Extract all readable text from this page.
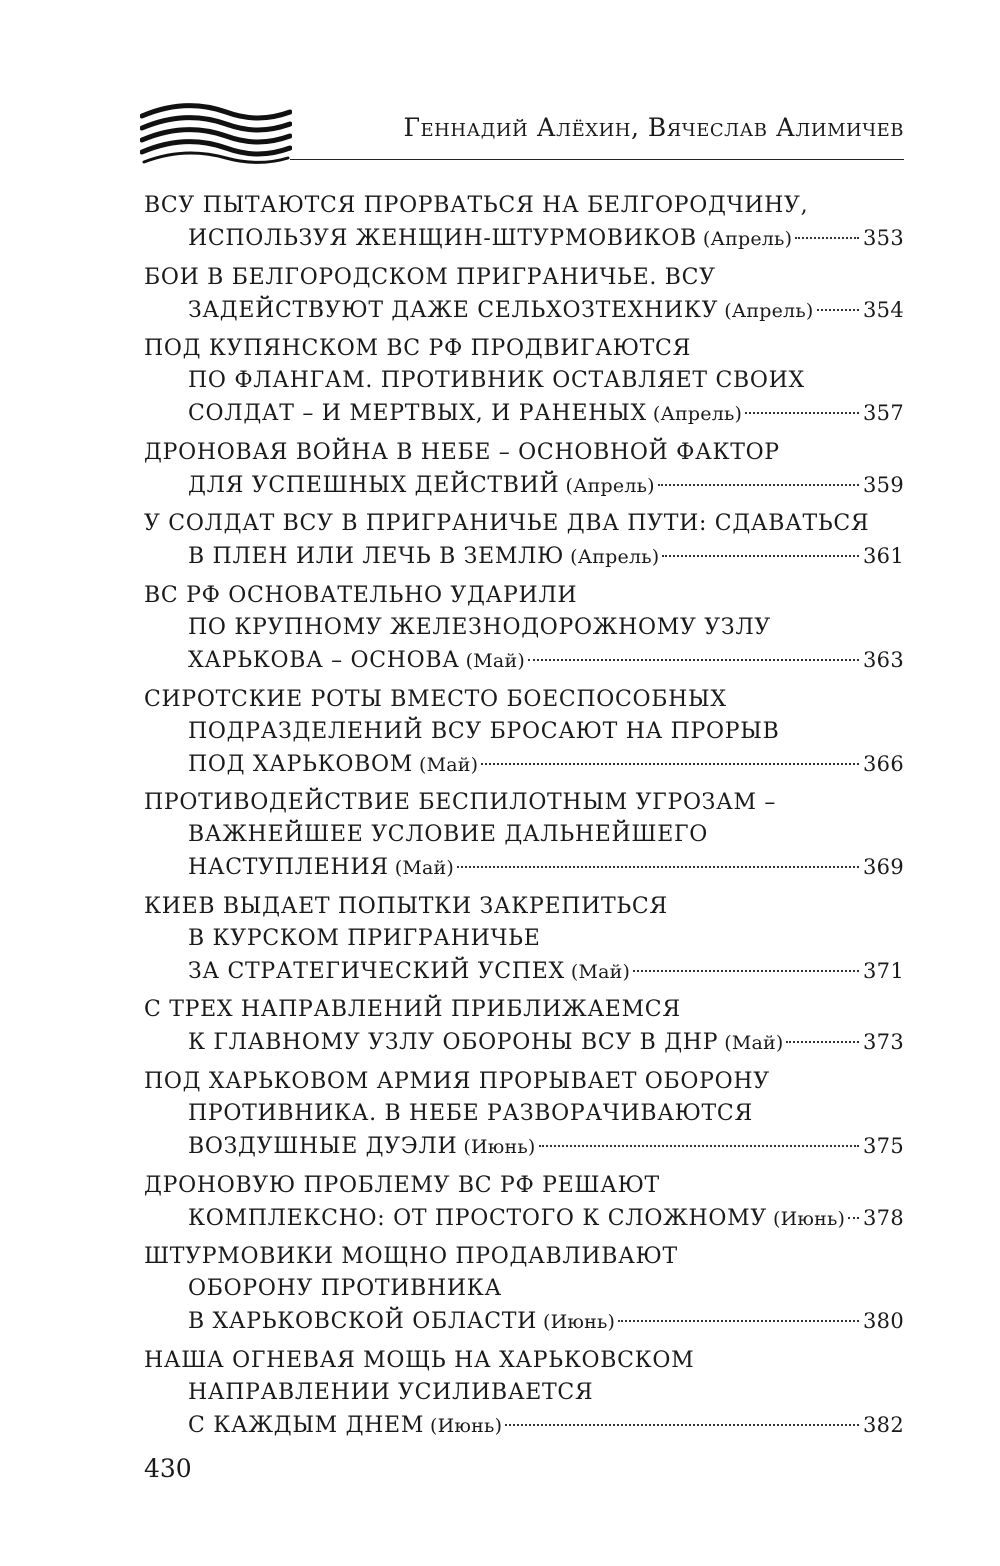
Геннадий Алёхин, Вячеслав Алимичев
ВСУ ПЫТАЮТСЯ ПРОРВАТЬСЯ НА БЕЛГОРОДЧИНУ,
ИСПОЛЬЗУЯ ЖЕНЩИН-ШТУРМОВИКОВ (Апрель)	353
БОИ В БЕЛГОРОДСКОМ ПРИГРАНИЧЬЕ. ВСУ
ЗАДЕЙСТВУЮТ ДАЖЕ СЕЛЬХОЗТЕХНИКУ (Апрель) 354
ПОД КУПЯНСКОМ ВС РФ ПРОДВИГАЮТСЯ
ПО ФЛАНГАМ. ПРОТИВНИК ОСТАВЛЯЕТ СВОИХ
СОЛДАТ – И МЕРТВЫХ, И РАНЕНЫХ (Апрель)	357
ДРОНОВАЯ ВОЙНА В НЕБЕ – ОСНОВНОЙ ФАКТОР
ДЛЯ УСПЕШНЫХ ДЕЙСТВИЙ (Апрель)	359
У СОЛДАТ ВСУ В ПРИГРАНИЧЬЕ ДВА ПУТИ: СДАВАТЬСЯ
В ПЛЕН ИЛИ ЛЕЧЬ В ЗЕМЛЮ (Апрель)	361
ВС РФ ОСНОВАТЕЛЬНО УДАРИЛИ
ПО КРУПНОМУ ЖЕЛЕЗНОДОРОЖНОМУ УЗЛУ
ХАРЬКОВА – ОСНОВА (Май)	363
СИРОТСКИЕ РОТЫ ВМЕСТО БОЕСПОСОБНЫХ
ПОДРАЗДЕЛЕНИЙ ВСУ БРОСАЮТ НА ПРОРЫВ
ПОД ХАРЬКОВОМ (Май)	366
ПРОТИВОДЕЙСТВИЕ БЕСПИЛОТНЫМ УГРОЗАМ –
ВАЖНЕЙШЕЕ УСЛОВИЕ ДАЛЬНЕЙШЕГО
НАСТУПЛЕНИЯ (Май)	369
КИЕВ ВЫДАЕТ ПОПЫТКИ ЗАКРЕПИТЬСЯ
В КУРСКОМ ПРИГРАНИЧЬЕ
ЗА СТРАТЕГИЧЕСКИЙ УСПЕХ (Май)	371
С ТРЕХ НАПРАВЛЕНИЙ ПРИБЛИЖАЕМСЯ
К ГЛАВНОМУ УЗЛУ ОБОРОНЫ ВСУ В ДНР (Май)	373
ПОД ХАРЬКОВОМ АРМИЯ ПРОРЫВАЕТ ОБОРОНУ
ПРОТИВНИКА. В НЕБЕ РАЗВОРАЧИВАЮТСЯ
ВОЗДУШНЫЕ ДУЭЛИ (Июнь)	375
ДРОНОВУЮ ПРОБЛЕМУ ВС РФ РЕШАЮТ
КОМПЛЕКСНО: ОТ ПРОСТОГО К СЛОЖНОМУ (Июнь) 378
ШТУРМОВИКИ МОЩНО ПРОДАВЛИВАЮТ
ОБОРОНУ ПРОТИВНИКА
В ХАРЬКОВСКОЙ ОБЛАСТИ (Июнь)	380
НАША ОГНЕВАЯ МОЩЬ НА ХАРЬКОВСКОМ
НАПРАВЛЕНИИ УСИЛИВАЕТСЯ
С КАЖДЫМ ДНЕМ (Июнь)	382
430
